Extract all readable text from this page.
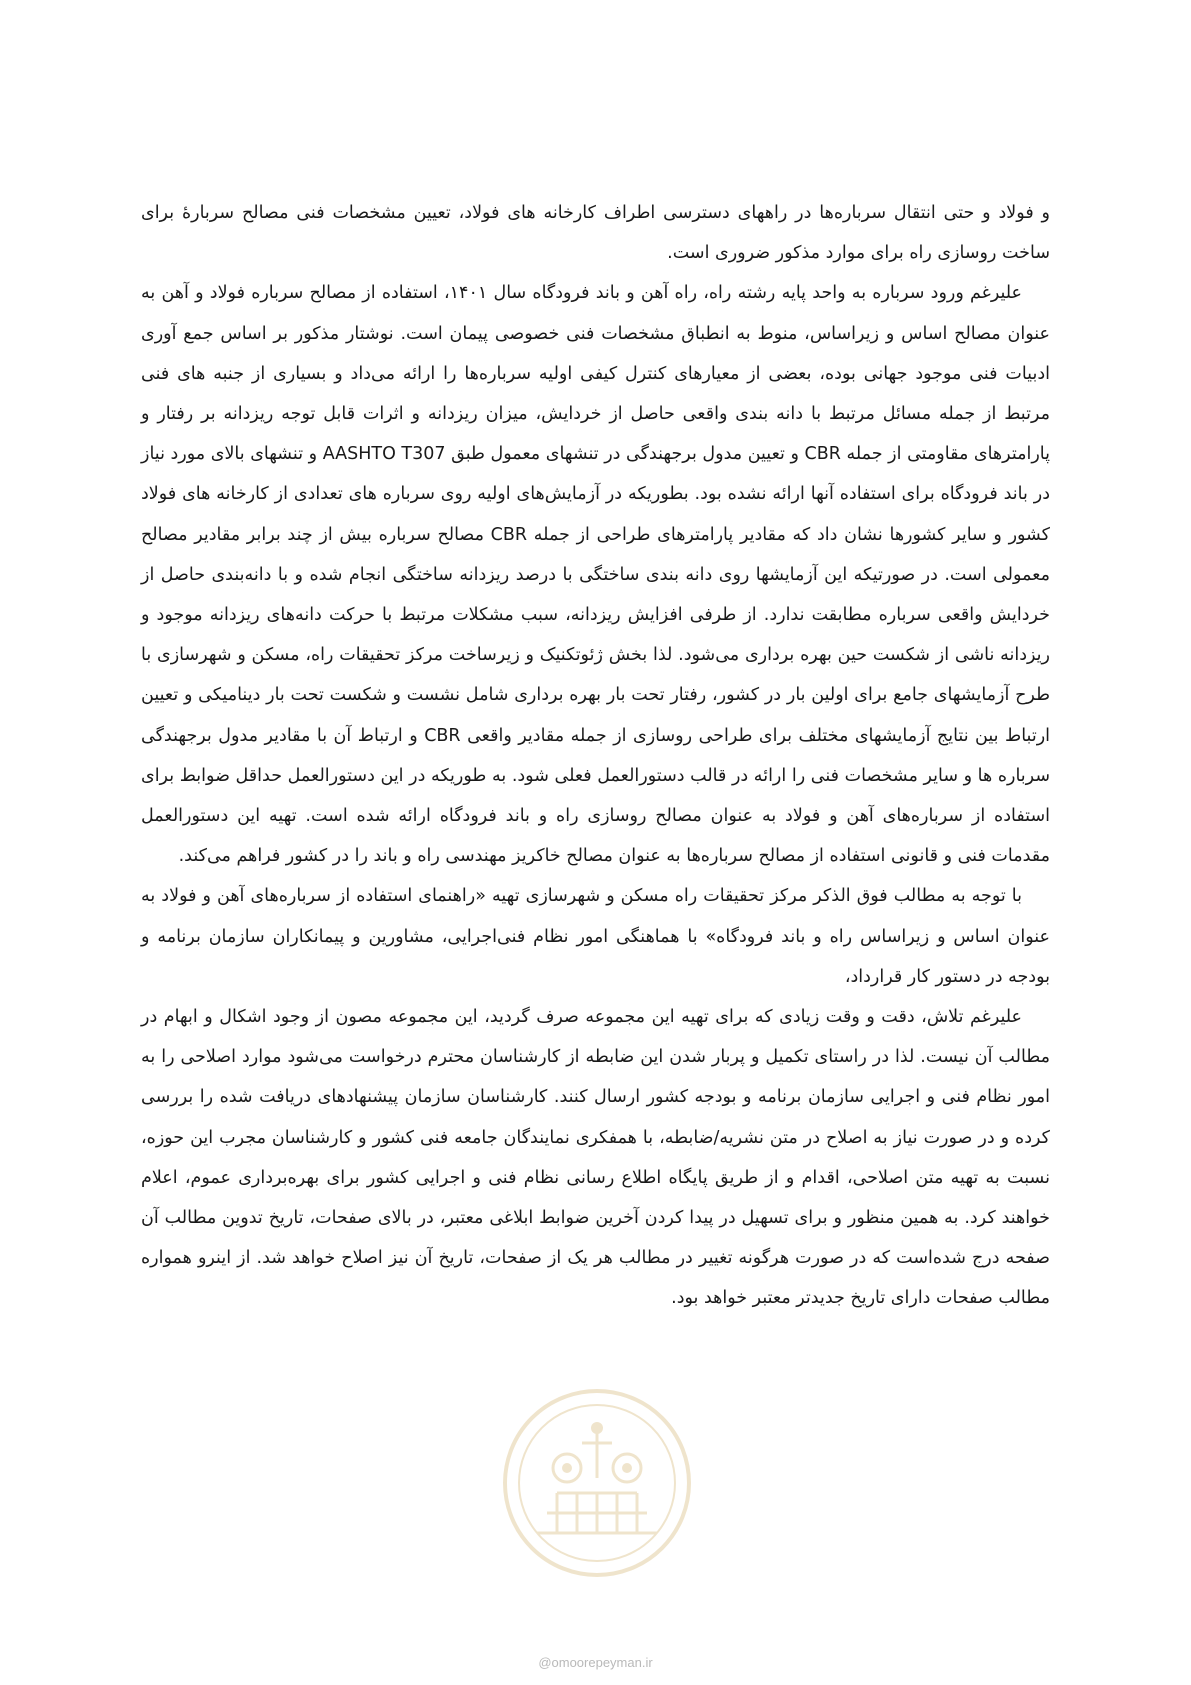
و فولاد و حتی انتقال سرباره‌ها در راههای دسترسی اطراف کارخانه های فولاد، تعیین مشخصات فنی مصالح سربارهٔ برای ساخت روسازی راه برای موارد مذکور ضروری است.

علیرغم ورود سرباره به واحد پایه رشته راه، راه آهن و باند فرودگاه سال ۱۴۰۱، استفاده از مصالح سرباره فولاد و آهن به عنوان مصالح اساس و زیراساس، منوط به انطباق مشخصات فنی خصوصی پیمان است. نوشتار مذکور بر اساس جمع آوری ادبیات فنی موجود جهانی بوده، بعضی از معیارهای کنترل کیفی اولیه سرباره‌ها را ارائه می‌داد و بسیاری از جنبه های فنی مرتبط از جمله مسائل مرتبط با دانه بندی واقعی حاصل از خردایش، میزان ریزدانه و اثرات قابل توجه ریزدانه بر رفتار و پارامترهای مقاومتی از جمله CBR و تعیین مدول برجهندگی در تنشهای معمول طبق AASHTO T307 و تنشهای بالای مورد نیاز در باند فرودگاه برای استفاده آنها ارائه نشده بود. بطوریکه در آزمایش‌های اولیه روی سرباره های تعدادی از کارخانه های فولاد کشور و سایر کشورها نشان داد که مقادیر پارامترهای طراحی از جمله CBR مصالح سرباره بیش از چند برابر مقادیر مصالح معمولی است. در صورتیکه این آزمایشها روی دانه بندی ساختگی با درصد ریزدانه ساختگی انجام شده و با دانه‌بندی حاصل از خردایش واقعی سرباره مطابقت ندارد. از طرفی افزایش ریزدانه، سبب مشکلات مرتبط با حرکت دانه‌های ریزدانه موجود و ریزدانه ناشی از شکست حین بهره برداری می‌شود. لذا بخش ژئوتکنیک و زیرساخت مرکز تحقیقات راه، مسکن و شهرسازی با طرح آزمایشهای جامع برای اولین بار در کشور، رفتار تحت بار بهره برداری شامل نشست و شکست تحت بار دینامیکی و تعیین ارتباط بین نتایج آزمایشهای مختلف برای طراحی روسازی از جمله مقادیر واقعی CBR و ارتباط آن با مقادیر مدول برجهندگی سرباره ها و سایر مشخصات فنی را ارائه در قالب دستورالعمل فعلی شود. به طوریکه در این دستورالعمل حداقل ضوابط برای استفاده از سرباره‌های آهن و فولاد به عنوان مصالح روسازی راه و باند فرودگاه ارائه شده است. تهیه این دستورالعمل مقدمات فنی و قانونی استفاده از مصالح سرباره‌ها به عنوان مصالح خاکریز مهندسی راه و باند را در کشور فراهم می‌کند.

با توجه به مطالب فوق الذکر مرکز تحقیقات راه مسکن و شهرسازی تهیه «راهنمای استفاده از سرباره‌های آهن و فولاد به عنوان اساس و زیراساس راه و باند فرودگاه» با هماهنگی امور نظام فنی‌اجرایی، مشاورین و پیمانکاران سازمان برنامه و بودجه در دستور کار قرارداد،

علیرغم تلاش، دقت و وقت زیادی که برای تهیه این مجموعه صرف گردید، این مجموعه مصون از وجود اشکال و ابهام در مطالب آن نیست. لذا در راستای تکمیل و پربار شدن این ضابطه از کارشناسان محترم درخواست می‌شود موارد اصلاحی را به امور نظام فنی و اجرایی سازمان برنامه و بودجه کشور ارسال کنند. کارشناسان سازمان پیشنهادهای دریافت شده را بررسی کرده و در صورت نیاز به اصلاح در متن نشریه/ضابطه، با همفکری نمایندگان جامعه فنی کشور و کارشناسان مجرب این حوزه، نسبت به تهیه متن اصلاحی، اقدام و از طریق پایگاه اطلاع رسانی نظام فنی و اجرایی کشور برای بهره‌برداری عموم، اعلام خواهند کرد. به همین منظور و برای تسهیل در پیدا کردن آخرین ضوابط ابلاغی معتبر، در بالای صفحات، تاریخ تدوین مطالب آن صفحه درج شده‌است که در صورت هرگونه تغییر در مطالب هر یک از صفحات، تاریخ آن نیز اصلاح خواهد شد. از اینرو همواره مطالب صفحات دارای تاریخ جدیدتر معتبر خواهد بود.

@omoorepeyman.ir
